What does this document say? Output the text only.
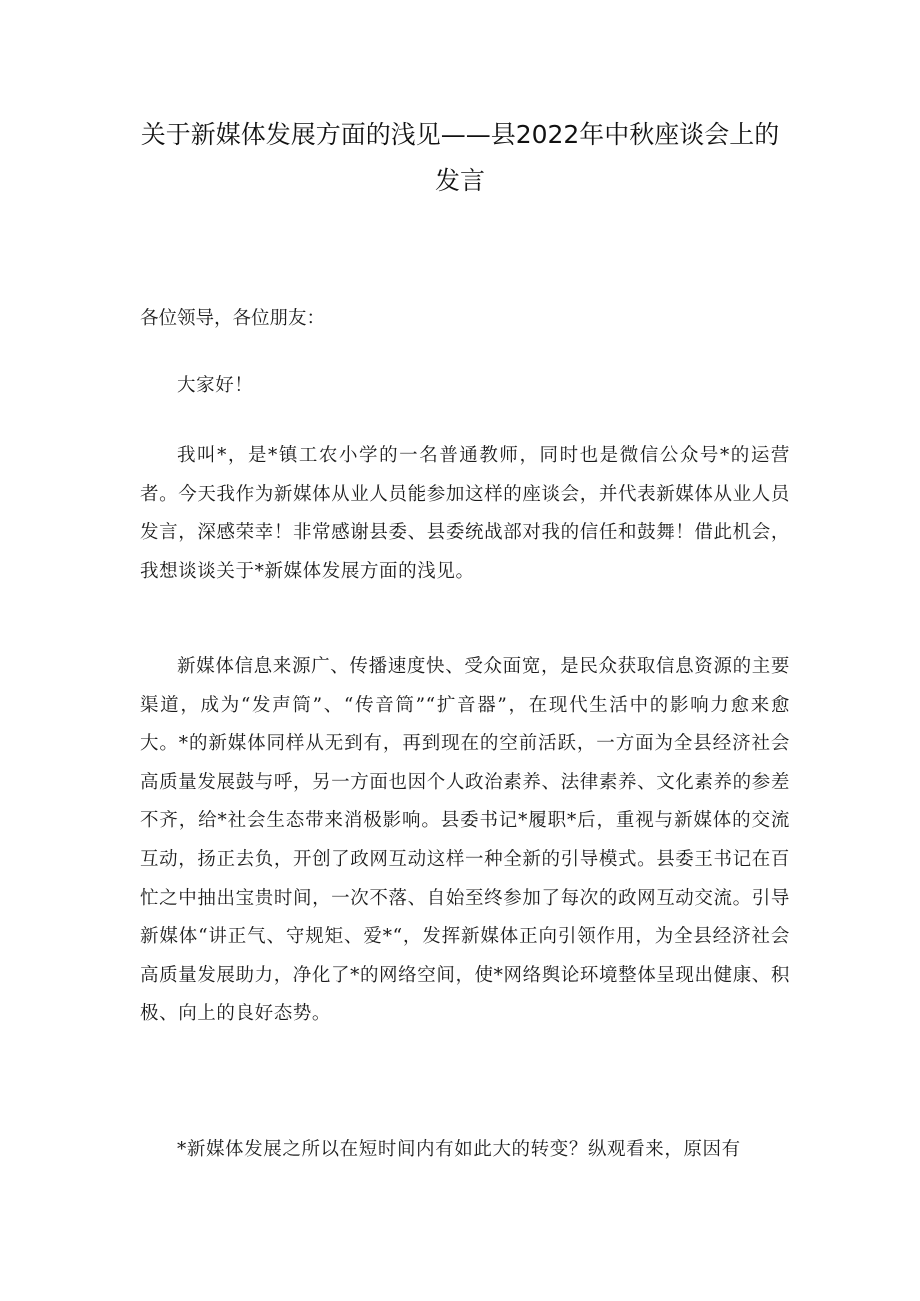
关于新媒体发展方面的浅见——县2022年中秋座谈会上的发言

各位领导，各位朋友：

大家好！

我叫*，是*镇工农小学的一名普通教师，同时也是微信公众号*的运营者。今天我作为新媒体从业人员能参加这样的座谈会，并代表新媒体从业人员发言，深感荣幸！非常感谢县委、县委统战部对我的信任和鼓舞！借此机会，我想谈谈关于*新媒体发展方面的浅见。

新媒体信息来源广、传播速度快、受众面宽，是民众获取信息资源的主要渠道，成为“发声筒”、“传音筒”“扩音器”，在现代生活中的影响力愈来愈大。*的新媒体同样从无到有，再到现在的空前活跃，一方面为全县经济社会高质量发展鼓与呼，另一方面也因个人政治素养、法律素养、文化素养的参差不齐，给*社会生态带来消极影响。县委书记*履职*后，重视与新媒体的交流互动，扬正去负，开创了政网互动这样一种全新的引导模式。县委王书记在百忙之中抽出宝贵时间，一次不落、自始至终参加了每次的政网互动交流。引导新媒体“讲正气、守规矩、爱*“，发挥新媒体正向引领作用，为全县经济社会高质量发展助力，净化了*的网络空间，使*网络舆论环境整体呈现出健康、积极、向上的良好态势。

*新媒体发展之所以在短时间内有如此大的转变？纵观看来，原因有
